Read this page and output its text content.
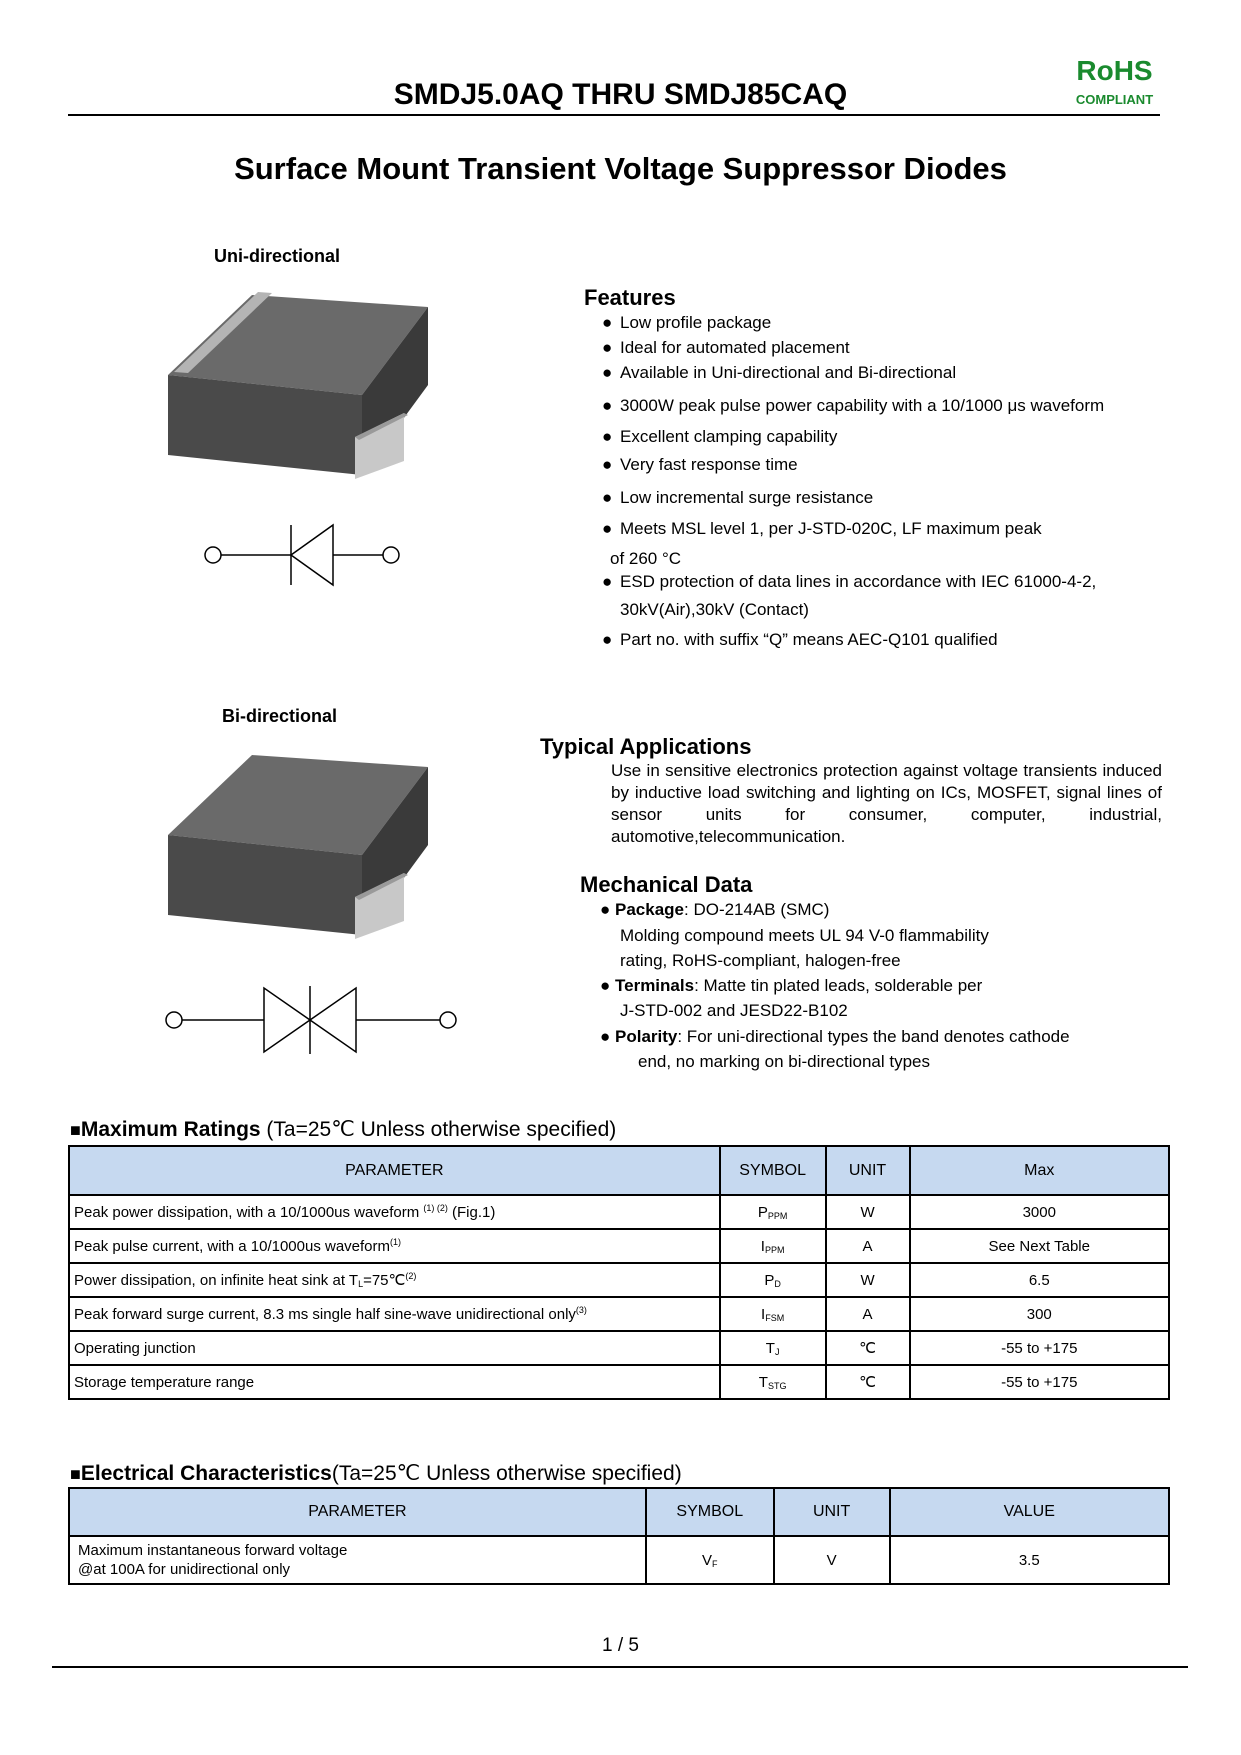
SMDJ5.0AQ THRU SMDJ85CAQ
RoHS
COMPLIANT
Surface Mount Transient Voltage Suppressor Diodes
Uni-directional
Bi-directional
Features
● Low profile package
● Ideal for automated placement
● Available in Uni-directional and Bi-directional
● 3000W peak pulse power capability with a 10/1000 μs waveform
● Excellent clamping capability
● Very fast response time
● Low incremental surge resistance
● Meets MSL level 1, per J-STD-020C, LF maximum peak
of 260 °C
● ESD protection of data lines in accordance with IEC 61000-4-2,
30kV(Air),30kV (Contact)
● Part no. with suffix “Q” means AEC-Q101 qualified
Typical Applications
Use in sensitive electronics protection against voltage transients induced by inductive load switching and lighting on ICs, MOSFET, signal lines of sensor units for consumer, computer, industrial, automotive,telecommunication.
Mechanical Data
● Package: DO-214AB (SMC)
Molding compound meets UL 94 V-0 flammability
rating, RoHS-compliant, halogen-free
● Terminals: Matte tin plated leads, solderable per
J-STD-002 and JESD22-B102
● Polarity: For uni-directional types the band denotes cathode
end, no marking on bi-directional types
■Maximum Ratings (Ta=25℃ Unless otherwise specified)
PARAMETER	SYMBOL	UNIT	Max
Peak power dissipation, with a 10/1000us waveform $^{(1) (2)}$ (Fig.1)	$P_{PPM}$	W	3000
Peak pulse current, with a 10/1000us waveform$^{(1)}$	$I_{PPM}$	A	See Next Table
Power dissipation, on infinite heat sink at $T_L=75℃^{(2)}$	$P_D$	W	6.5
Peak forward surge current, 8.3 ms single half sine-wave unidirectional only$^{(3)}$	$I_{FSM}$	A	300
Operating junction	$T_J$	℃	-55 to +175
Storage temperature range	$T_{STG}$	℃	-55 to +175
■Electrical Characteristics(Ta=25℃ Unless otherwise specified)
PARAMETER	SYMBOL	UNIT	VALUE
Maximum instantaneous forward voltage
@at 100A for unidirectional only	$V_F$	V	3.5
1 / 5
